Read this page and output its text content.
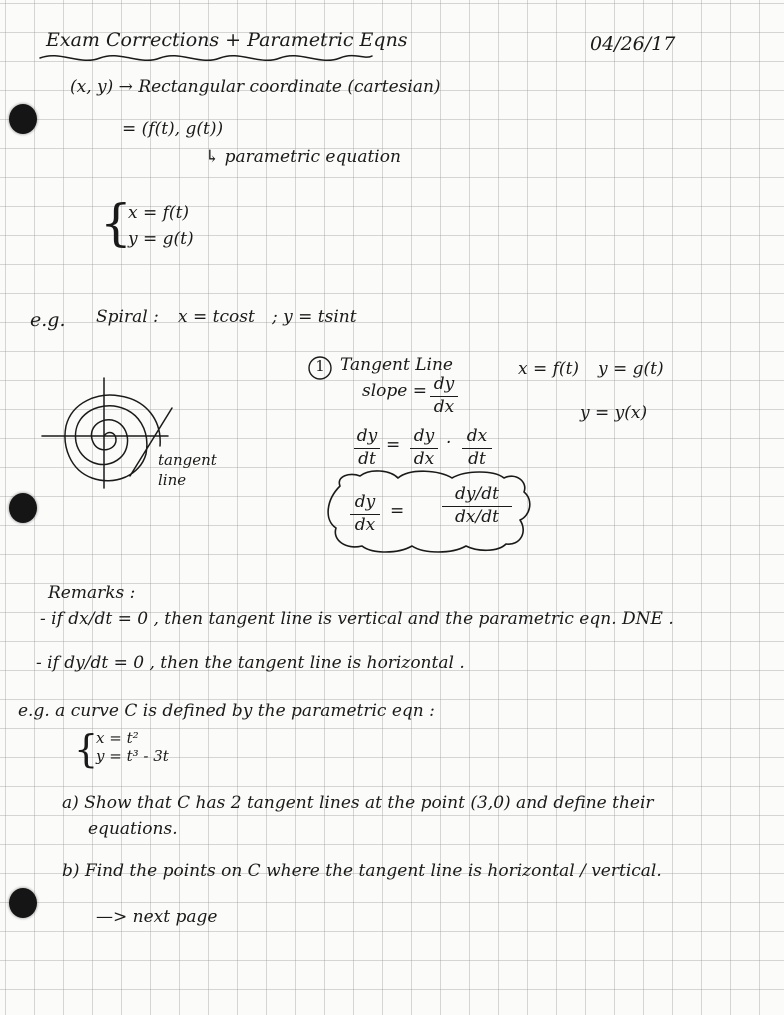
Exam Corrections + Parametric Eqns	04/26/17
(x, y) → Rectangular coordinate (cartesian)
= (f(t), g(t))
↳ parametric equation
{
x = f(t)
y = g(t)
e.g. Spiral : x = tcost ; y = tsint
tangent
line
1 Tangent Line
slope = dy
dx
x = f(t) y = g(t)
y = y(x)
dy
dt
= dy
dx
· dx
dt
dy
dx
=
dy/dt
dx/dt
Remarks :
- if dx/dt = 0 , then tangent line is vertical and the parametric eqn. DNE .
- if dy/dt = 0 , then the tangent line is horizontal .
e.g. a curve C is defined by the parametric eqn :
{
x = t²
y = t³ - 3t
a) Show that C has 2 tangent lines at the point (3,0) and define their
equations.
b) Find the points on C where the tangent line is horizontal / vertical.
—> next page
